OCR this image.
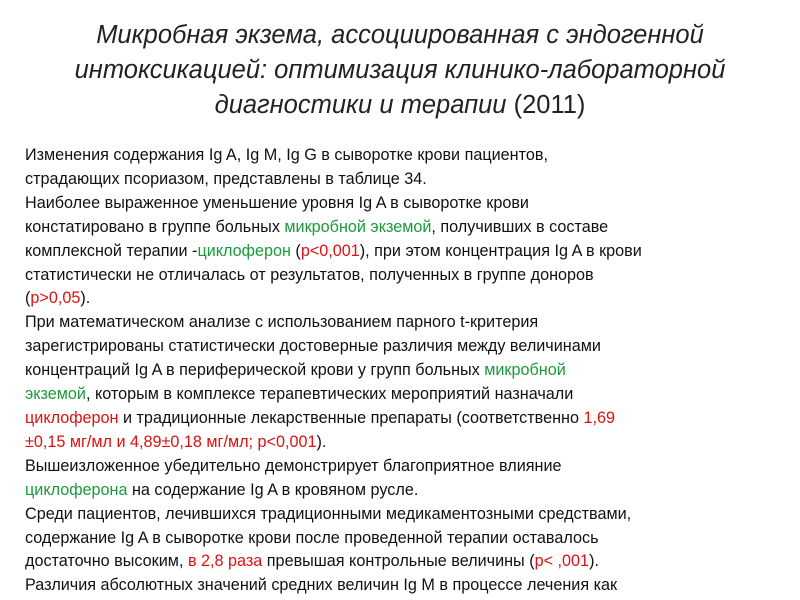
Микробная экзема, ассоциированная с эндогенной интоксикацией: оптимизация клинико-лабораторной диагностики и терапии (2011)
Изменения содержания Ig A, Ig M, Ig G в сыворотке крови пациентов,
страдающих псориазом, представлены в таблице 34.
Наиболее выраженное уменьшение уровня Ig A в сыворотке крови
констатировано в группе больных микробной экземой, получивших в составе
комплексной терапии -циклоферон (p<0,001), при этом концентрация Ig A в крови
статистически не отличалась от результатов, полученных в группе доноров
(p>0,05).
При математическом анализе с использованием парного t-критерия
зарегистрированы статистически достоверные различия между величинами
концентраций Ig A в периферической крови у групп больных микробной
экземой, которым в комплексе терапевтических мероприятий назначали
циклоферон и традиционные лекарственные препараты (соответственно 1,69
±0,15 мг/мл и 4,89±0,18 мг/мл; p<0,001).
Вышеизложенное убедительно демонстрирует благоприятное влияние
циклоферона на содержание Ig A в кровяном русле.
Среди пациентов, лечившихся традиционными медикаментозными средствами,
содержание Ig A в сыворотке крови после проведенной терапии оставалось
достаточно высоким, в 2,8 раза превышая контрольные величины (p< ,001).
Различия абсолютных значений средних величин Ig M в процессе лечения как
